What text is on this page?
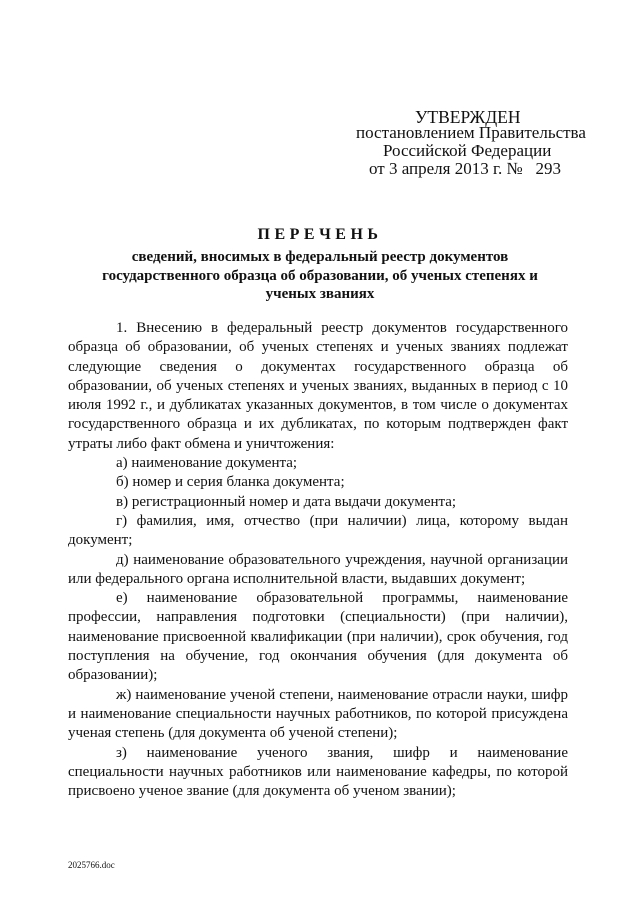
УТВЕРЖДЕН
постановлением Правительства
Российской Федерации
от 3 апреля 2013 г. №   293
ПЕРЕЧЕНЬ
сведений, вносимых в федеральный реестр документов государственного образца об образовании, об ученых степенях и ученых званиях

1. Внесению в федеральный реестр документов государственного образца об образовании, об ученых степенях и ученых званиях подлежат следующие сведения о документах государственного образца об образовании, об ученых степенях и ученых званиях, выданных в период с 10 июля 1992 г., и дубликатах указанных документов, в том числе о документах государственного образца и их дубликатах, по которым подтвержден факт утраты либо факт обмена и уничтожения:

а) наименование документа;

б) номер и серия бланка документа;

в) регистрационный номер и дата выдачи документа;

г) фамилия, имя, отчество (при наличии) лица, которому выдан документ;

д) наименование образовательного учреждения, научной организации или федерального органа исполнительной власти, выдавших документ;

е) наименование образовательной программы, наименование профессии, направления подготовки (специальности) (при наличии), наименование присвоенной квалификации (при наличии), срок обучения, год поступления на обучение, год окончания обучения (для документа об образовании);

ж) наименование ученой степени, наименование отрасли науки, шифр и наименование специальности научных работников, по которой присуждена ученая степень (для документа об ученой степени);

з) наименование ученого звания, шифр и наименование специальности научных работников или наименование кафедры, по которой присвоено ученое звание (для документа об ученом звании);

2025766.doc
